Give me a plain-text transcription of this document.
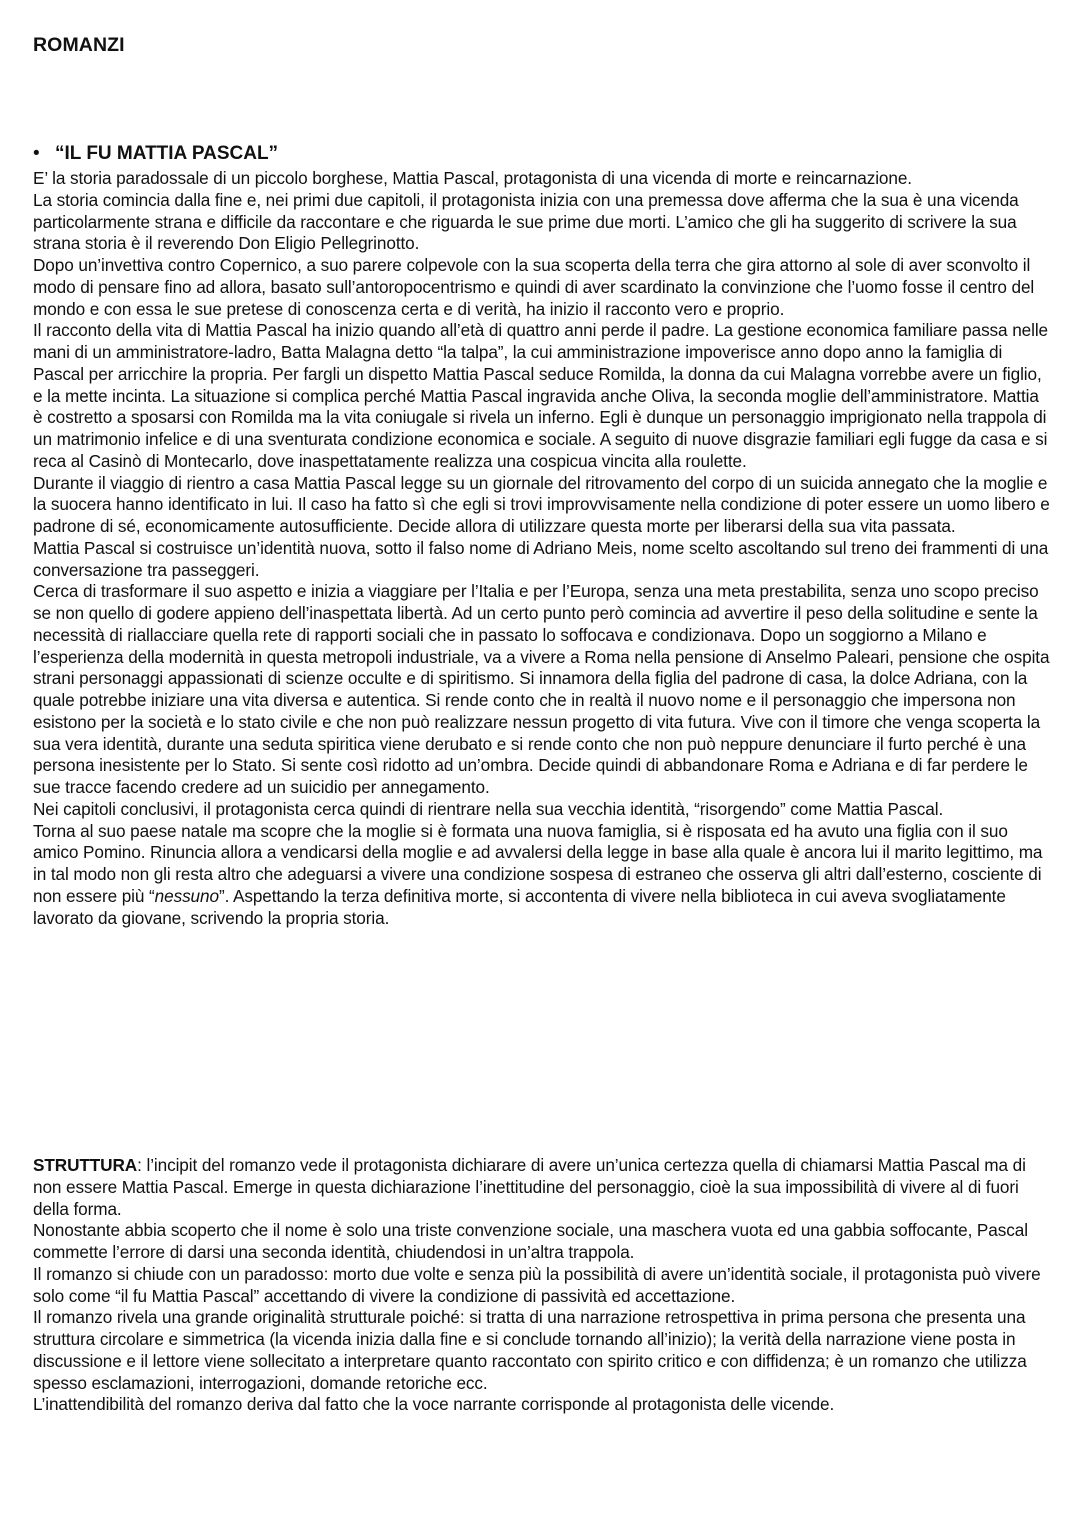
ROMANZI
• “IL FU MATTIA PASCAL”

E’ la storia paradossale di un piccolo borghese, Mattia Pascal, protagonista di una vicenda di morte e reincarnazione.

La storia comincia dalla fine e, nei primi due capitoli, il protagonista inizia con una premessa dove afferma che la sua è una vicenda particolarmente strana e difficile da raccontare e che riguarda le sue prime due morti. L’amico che gli ha suggerito di scrivere la sua strana storia è il reverendo Don Eligio Pellegrinotto.

Dopo un’invettiva contro Copernico, a suo parere colpevole con la sua scoperta della terra che gira attorno al sole di aver sconvolto il modo di pensare fino ad allora, basato sull’antoropocentrismo e quindi di aver scardinato la convinzione che l’uomo fosse il centro del mondo e con essa le sue pretese di conoscenza certa e di verità, ha inizio il racconto vero e proprio.

Il racconto della vita di Mattia Pascal ha inizio quando all’età di quattro anni perde il padre. La gestione economica familiare passa nelle mani di un amministratore-ladro, Batta Malagna detto “la talpa”, la cui amministrazione impoverisce anno dopo anno la famiglia di Pascal per arricchire la propria. Per fargli un dispetto Mattia Pascal seduce Romilda, la donna da cui Malagna vorrebbe avere un figlio, e la mette incinta. La situazione si complica perché Mattia Pascal ingravida anche Oliva, la seconda moglie dell’amministratore. Mattia è costretto a sposarsi con Romilda ma la vita coniugale si rivela un inferno. Egli è dunque un personaggio imprigionato nella trappola di un matrimonio infelice e di una sventurata condizione economica e sociale. A seguito di nuove disgrazie familiari egli fugge da casa e si reca al Casinò di Montecarlo, dove inaspettatamente realizza una cospicua vincita alla roulette.

Durante il viaggio di rientro a casa Mattia Pascal legge su un giornale del ritrovamento del corpo di un suicida annegato che la moglie e la suocera hanno identificato in lui. Il caso ha fatto sì che egli si trovi improvvisamente nella condizione di poter essere un uomo libero e padrone di sé, economicamente autosufficiente. Decide allora di utilizzare questa morte per liberarsi della sua vita passata.

Mattia Pascal si costruisce un’identità nuova, sotto il falso nome di Adriano Meis, nome scelto ascoltando sul treno dei frammenti di una conversazione tra passeggeri.

Cerca di trasformare il suo aspetto e inizia a viaggiare per l’Italia e per l’Europa, senza una meta prestabilita, senza uno scopo preciso se non quello di godere appieno dell’inaspettata libertà. Ad un certo punto però comincia ad avvertire il peso della solitudine e sente la necessità di riallacciare quella rete di rapporti sociali che in passato lo soffocava e condizionava. Dopo un soggiorno a Milano e l’esperienza della modernità in questa metropoli industriale, va a vivere a Roma nella pensione di Anselmo Paleari, pensione che ospita strani personaggi appassionati di scienze occulte e di spiritismo. Si innamora della figlia del padrone di casa, la dolce Adriana, con la quale potrebbe iniziare una vita diversa e autentica. Si rende conto che in realtà il nuovo nome e il personaggio che impersona non esistono per la società e lo stato civile e che non può realizzare nessun progetto di vita futura. Vive con il timore che venga scoperta la sua vera identità, durante una seduta spiritica viene derubato e si rende conto che non può neppure denunciare il furto perché è una persona inesistente per lo Stato. Si sente così ridotto ad un’ombra. Decide quindi di abbandonare Roma e Adriana e di far perdere le sue tracce facendo credere ad un suicidio per annegamento.

Nei capitoli conclusivi, il protagonista cerca quindi di rientrare nella sua vecchia identità, “risorgendo” come Mattia Pascal.

Torna al suo paese natale ma scopre che la moglie si è formata una nuova famiglia, si è risposata ed ha avuto una figlia con il suo amico Pomino. Rinuncia allora a vendicarsi della moglie e ad avvalersi della legge in base alla quale è ancora lui il marito legittimo, ma in tal modo non gli resta altro che adeguarsi a vivere una condizione sospesa di estraneo che osserva gli altri dall’esterno, cosciente di non essere più “nessuno”. Aspettando la terza definitiva morte, si accontenta di vivere nella biblioteca in cui aveva svogliatamente lavorato da giovane, scrivendo la propria storia.

STRUTTURA: l’incipit del romanzo vede il protagonista dichiarare di avere un’unica certezza quella di chiamarsi Mattia Pascal ma di non essere Mattia Pascal. Emerge in questa dichiarazione l’inettitudine del personaggio, cioè la sua impossibilità di vivere al di fuori della forma.

Nonostante abbia scoperto che il nome è solo una triste convenzione sociale, una maschera vuota ed una gabbia soffocante, Pascal commette l’errore di darsi una seconda identità, chiudendosi in un’altra trappola.

Il romanzo si chiude con un paradosso: morto due volte e senza più la possibilità di avere un’identità sociale, il protagonista può vivere solo come “il fu Mattia Pascal” accettando di vivere la condizione di passività ed accettazione.

Il romanzo rivela una grande originalità strutturale poiché: si tratta di una narrazione retrospettiva in prima persona che presenta una struttura circolare e simmetrica (la vicenda inizia dalla fine e si conclude tornando all’inizio); la verità della narrazione viene posta in discussione e il lettore viene sollecitato a interpretare quanto raccontato con spirito critico e con diffidenza; è un romanzo che utilizza spesso esclamazioni, interrogazioni, domande retoriche ecc.

L’inattendibilità del romanzo deriva dal fatto che la voce narrante corrisponde al protagonista delle vicende.
